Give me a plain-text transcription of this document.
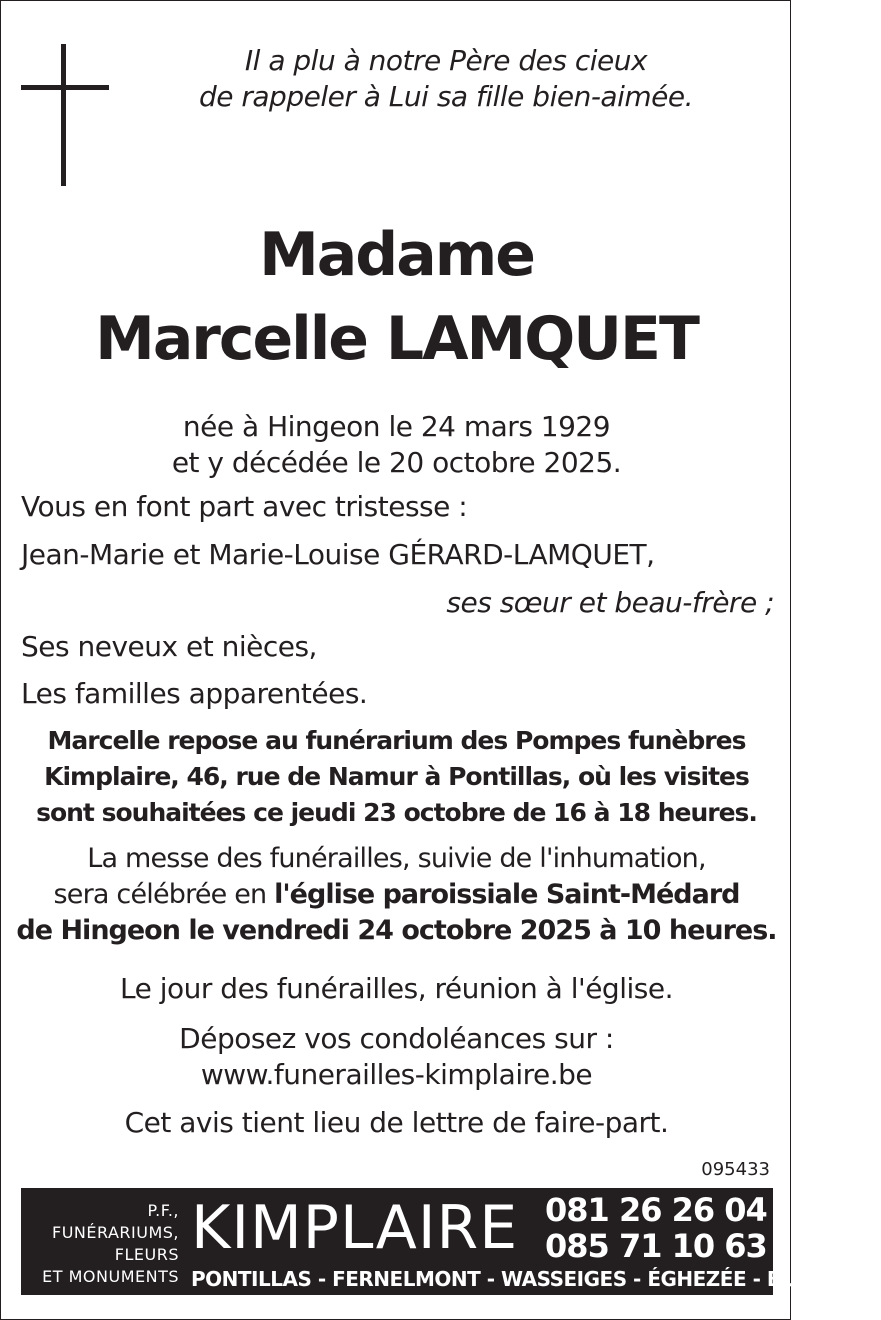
Il a plu à notre Père des cieux
de rappeler à Lui sa fille bien-aimée.
Madame
Marcelle LAMQUET
née à Hingeon le 24 mars 1929
et y décédée le 20 octobre 2025.
Vous en font part avec tristesse :
Jean-Marie et Marie-Louise GÉRARD-LAMQUET,
ses sœur et beau-frère ;
Ses neveux et nièces,
Les familles apparentées.
Marcelle repose au funérarium des Pompes funèbres
Kimplaire, 46, rue de Namur à Pontillas, où les visites
sont souhaitées ce jeudi 23 octobre de 16 à 18 heures.
La messe des funérailles, suivie de l'inhumation,
sera célébrée en l'église paroissiale Saint-Médard
de Hingeon le vendredi 24 octobre 2025 à 10 heures.
Le jour des funérailles, réunion à l'église.
Déposez vos condoléances sur :
www.funerailles-kimplaire.be
Cet avis tient lieu de lettre de faire-part.
095433
P.F.,
FUNÉRARIUMS,
FLEURS
ET MONUMENTS
KIMPLAIRE 081 26 26 04
085 71 10 63
PONTILLAS - FERNELMONT - WASSEIGES - ÉGHEZÉE - BURDINNE
